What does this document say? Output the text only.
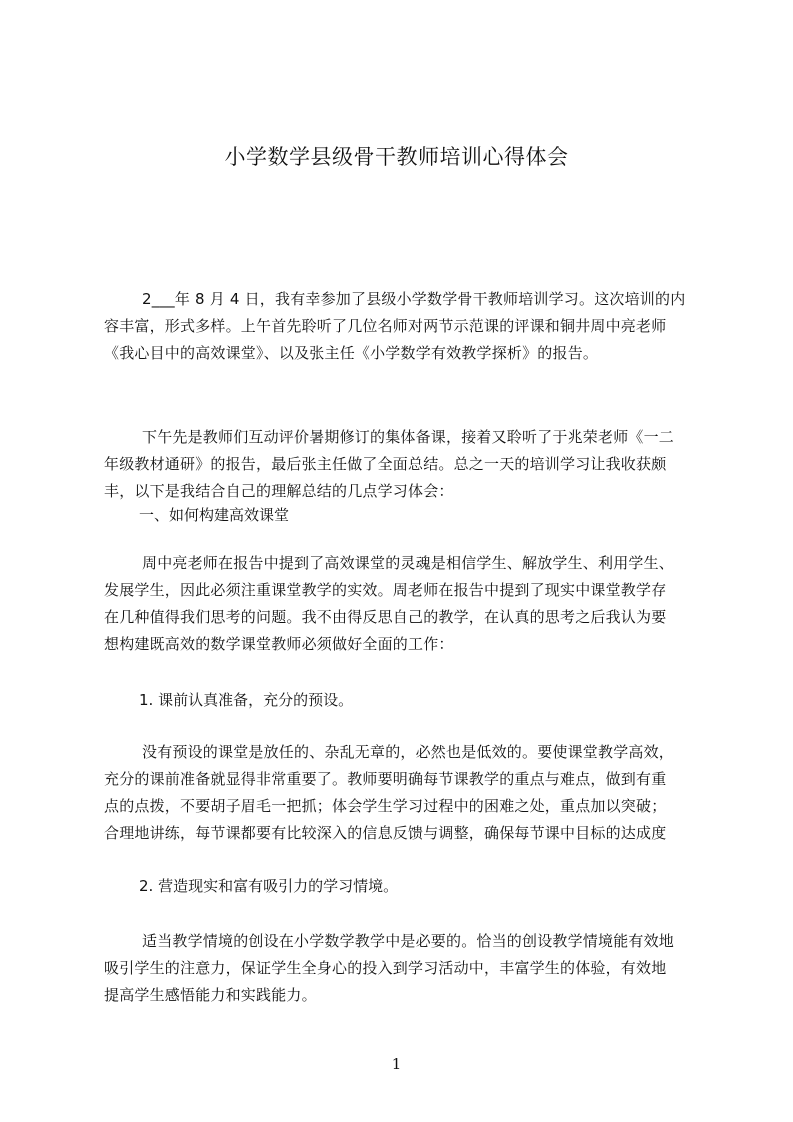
小学数学县级骨干教师培训心得体会

2___年 8 月 4 日，我有幸参加了县级小学数学骨干教师培训学习。这次培训的内
容丰富，形式多样。上午首先聆听了几位名师对两节示范课的评课和铜井周中亮老师
《我心目中的高效课堂》、以及张主任《小学数学有效教学探析》的报告。

下午先是教师们互动评价暑期修订的集体备课，接着又聆听了于兆荣老师《一二
年级教材通研》的报告，最后张主任做了全面总结。总之一天的培训学习让我收获颇
丰，以下是我结合自己的理解总结的几点学习体会：

一、如何构建高效课堂

周中亮老师在报告中提到了高效课堂的灵魂是相信学生、解放学生、利用学生、
发展学生，因此必须注重课堂教学的实效。周老师在报告中提到了现实中课堂教学存
在几种值得我们思考的问题。我不由得反思自己的教学，在认真的思考之后我认为要
想构建既高效的数学课堂教师必须做好全面的工作：

1. 课前认真准备，充分的预设。

没有预设的课堂是放任的、杂乱无章的，必然也是低效的。要使课堂教学高效，
充分的课前准备就显得非常重要了。教师要明确每节课教学的重点与难点，做到有重
点的点拨，不要胡子眉毛一把抓；体会学生学习过程中的困难之处，重点加以突破；
合理地讲练，每节课都要有比较深入的信息反馈与调整，确保每节课中目标的达成度

2. 营造现实和富有吸引力的学习情境。

适当教学情境的创设在小学数学教学中是必要的。恰当的创设教学情境能有效地
吸引学生的注意力，保证学生全身心的投入到学习活动中，丰富学生的体验，有效地
提高学生感悟能力和实践能力。

1
